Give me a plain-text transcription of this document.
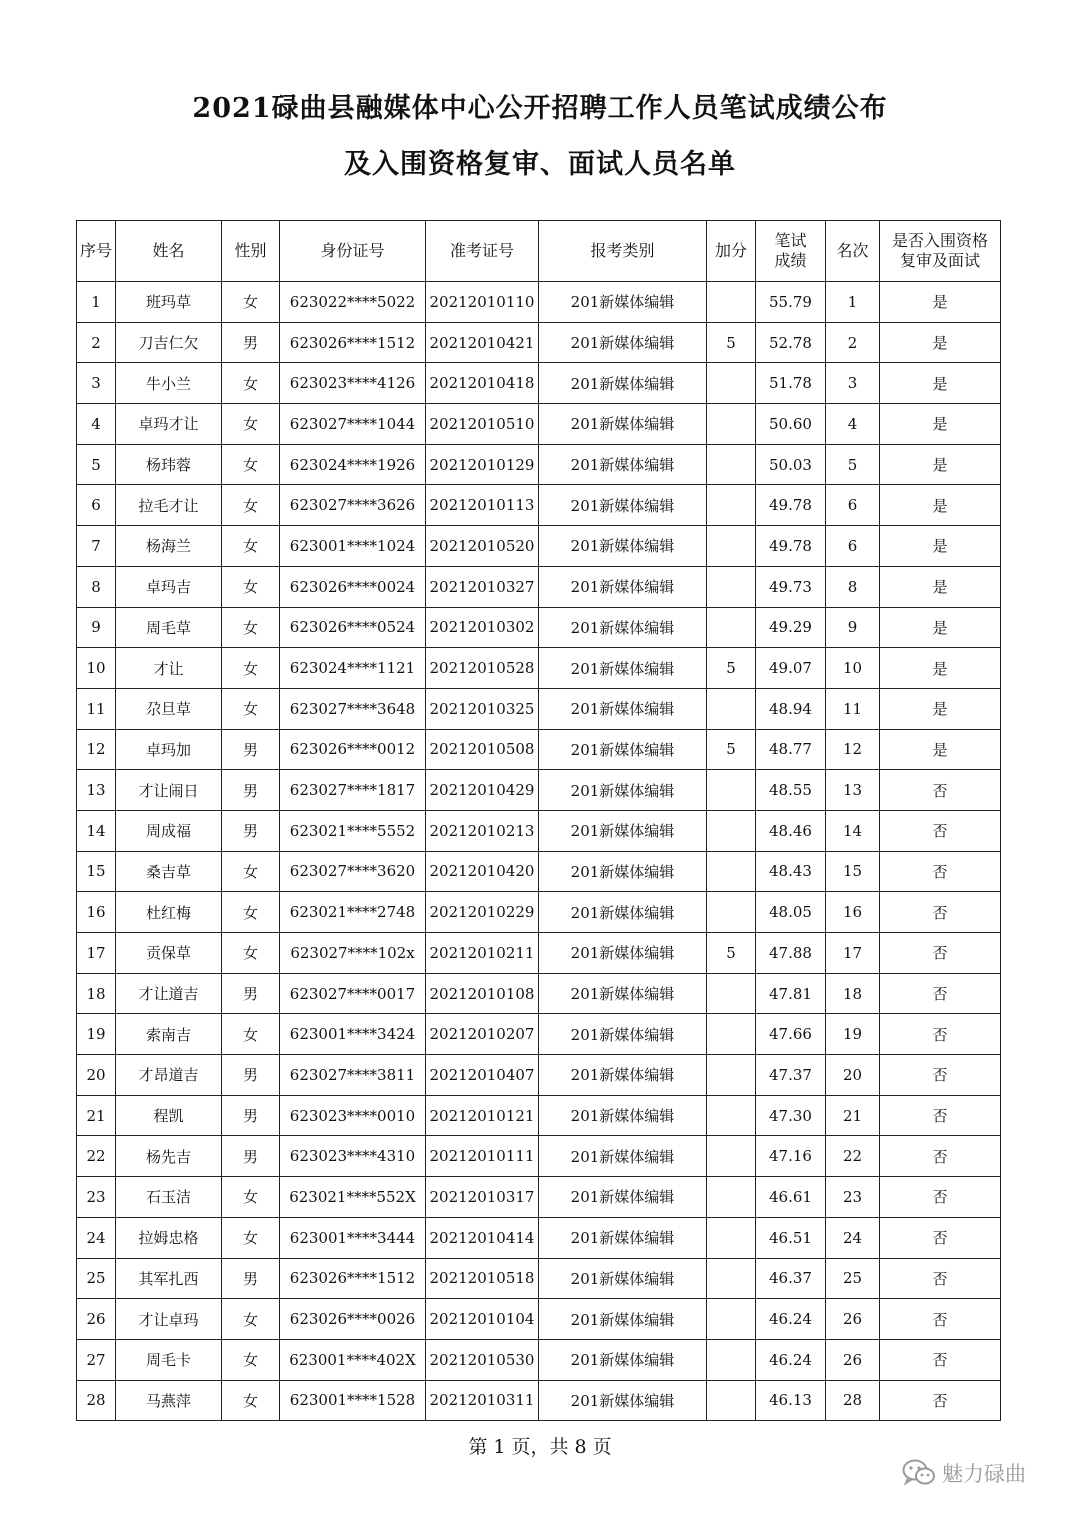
2021碌曲县融媒体中心公开招聘工作人员笔试成绩公布
及入围资格复审、面试人员名单
序号	姓名	性别	身份证号	准考证号	报考类别	加分	笔试成绩	名次	是否入围资格复审及面试
1	班玛草	女	623022****5022	20212010110	201新媒体编辑		55.79	1	是
2	刀吉仁欠	男	623026****1512	20212010421	201新媒体编辑	5	52.78	2	是
3	牛小兰	女	623023****4126	20212010418	201新媒体编辑		51.78	3	是
4	卓玛才让	女	623027****1044	20212010510	201新媒体编辑		50.60	4	是
5	杨玮蓉	女	623024****1926	20212010129	201新媒体编辑		50.03	5	是
6	拉毛才让	女	623027****3626	20212010113	201新媒体编辑		49.78	6	是
7	杨海兰	女	623001****1024	20212010520	201新媒体编辑		49.78	6	是
8	卓玛吉	女	623026****0024	20212010327	201新媒体编辑		49.73	8	是
9	周毛草	女	623026****0524	20212010302	201新媒体编辑		49.29	9	是
10	才让	女	623024****1121	20212010528	201新媒体编辑	5	49.07	10	是
11	尕旦草	女	623027****3648	20212010325	201新媒体编辑		48.94	11	是
12	卓玛加	男	623026****0012	20212010508	201新媒体编辑	5	48.77	12	是
13	才让闹日	男	623027****1817	20212010429	201新媒体编辑		48.55	13	否
14	周成福	男	623021****5552	20212010213	201新媒体编辑		48.46	14	否
15	桑吉草	女	623027****3620	20212010420	201新媒体编辑		48.43	15	否
16	杜红梅	女	623021****2748	20212010229	201新媒体编辑		48.05	16	否
17	贡保草	女	623027****102x	20212010211	201新媒体编辑	5	47.88	17	否
18	才让道吉	男	623027****0017	20212010108	201新媒体编辑		47.81	18	否
19	索南吉	女	623001****3424	20212010207	201新媒体编辑		47.66	19	否
20	才昂道吉	男	623027****3811	20212010407	201新媒体编辑		47.37	20	否
21	程凯	男	623023****0010	20212010121	201新媒体编辑		47.30	21	否
22	杨先吉	男	623023****4310	20212010111	201新媒体编辑		47.16	22	否
23	石玉洁	女	623021****552X	20212010317	201新媒体编辑		46.61	23	否
24	拉姆忠格	女	623001****3444	20212010414	201新媒体编辑		46.51	24	否
25	其军扎西	男	623026****1512	20212010518	201新媒体编辑		46.37	25	否
26	才让卓玛	女	623026****0026	20212010104	201新媒体编辑		46.24	26	否
27	周毛卡	女	623001****402X	20212010530	201新媒体编辑		46.24	26	否
28	马燕萍	女	623001****1528	20212010311	201新媒体编辑		46.13	28	否
第 1 页，共 8 页
魅力碌曲
